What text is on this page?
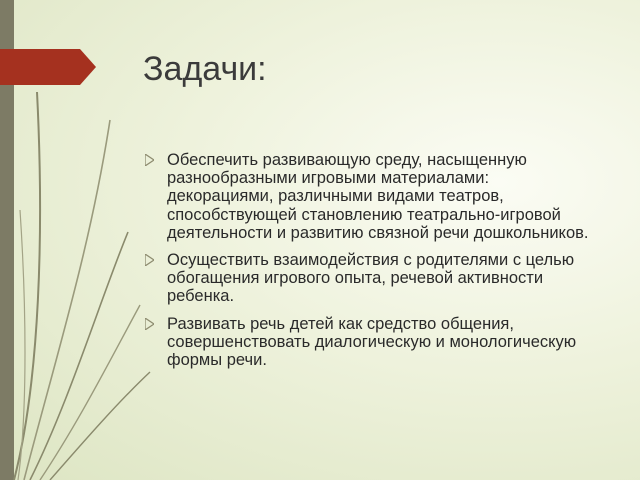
Задачи:
Обеспечить развивающую среду, насыщенную разнообразными игровыми материалами: декорациями, различными видами театров, способствующей становлению театрально-игровой деятельности и развитию связной речи дошкольников.
Осуществить взаимодействия с родителями с целью обогащения игрового опыта, речевой активности ребенка.
Развивать речь детей как средство общения, совершенствовать диалогическую и монологическую формы речи.
